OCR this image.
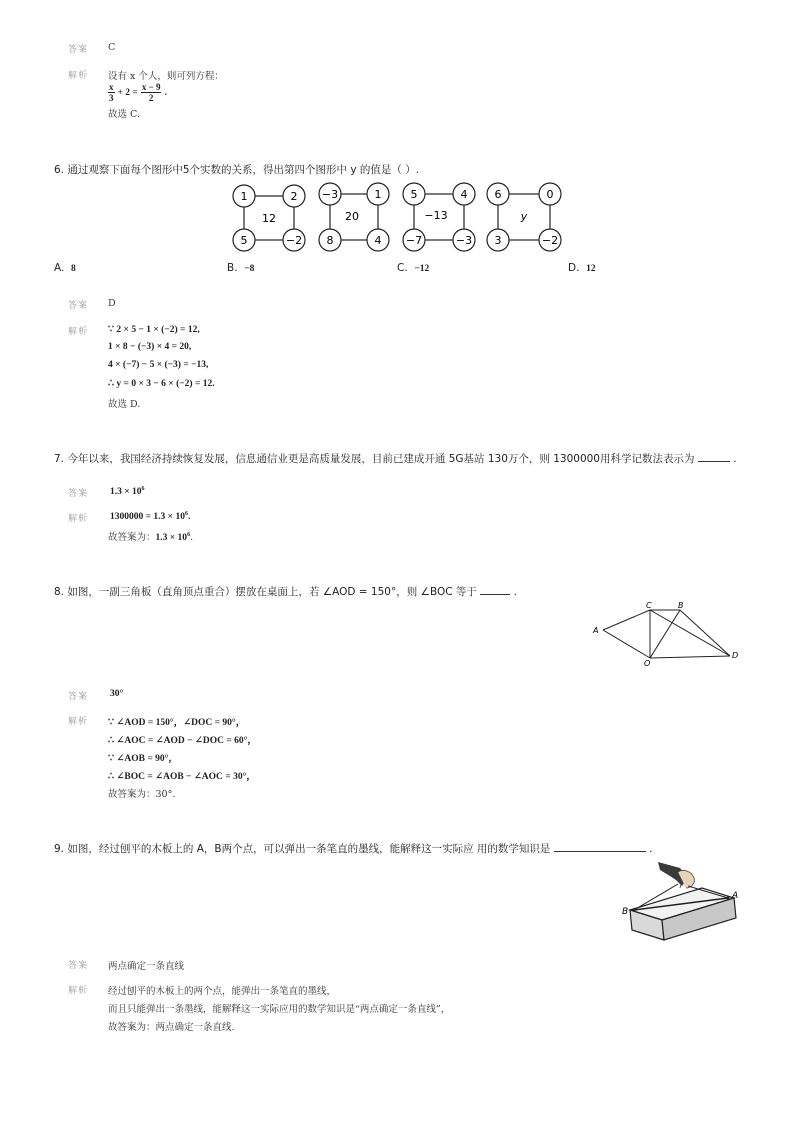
答案 C
解析 设有 x 个人，则可列方程：
$\frac{x}{3} + 2 = \frac{x - 9}{2}$ .
故选 C.
6. 通过观察下面每个图形中5个实数的关系，得出第四个图形中 y 的值是（ ）.
1	2
5	−2
12
−3	1
8	4
20
5	4
−7	−3
−13
6	0
3	−2
y
A. 8	B. −8	C. −12	D. 12
答案 D
解析 ∵ 2 × 5 − 1 × (−2) = 12,
1 × 8 − (−3) × 4 = 20,
4 × (−7) − 5 × (−3) = −13,
∴ y = 0 × 3 − 6 × (−2) = 12.
故选 D.
7. 今年以来，我国经济持续恢复发展，信息通信业更是高质量发展，目前已建成开通 5G基站 130万个，则 1300000用科学记数法表示为	.
答案 $1.3 \times 10^6$
解析 $1300000 = 1.3 \times 10^6$.
故答案为：$1.3 \times 10^6$.
8. 如图，一副三角板（直角顶点重合）摆放在桌面上，若 ∠AOD = 150°，则 ∠BOC 等于	.
A
C	B
O
D
答案 30°
解析 ∵ ∠AOD = 150°，∠DOC = 90°，
∴ ∠AOC = ∠AOD − ∠DOC = 60°，
∵ ∠AOB = 90°，
∴ ∠BOC = ∠AOB − ∠AOC = 30°，
故答案为：30°.
9. 如图，经过刨平的木板上的 A，B两个点，可以弹出一条笔直的墨线，能解释这一实际应 用的数学知识是	.
B
A
答案 两点确定一条直线
解析 经过刨平的木板上的两个点，能弹出一条笔直的墨线，
而且只能弹出一条墨线，能解释这一实际应用的数学知识是“两点确定一条直线”，
故答案为：两点确定一条直线.
